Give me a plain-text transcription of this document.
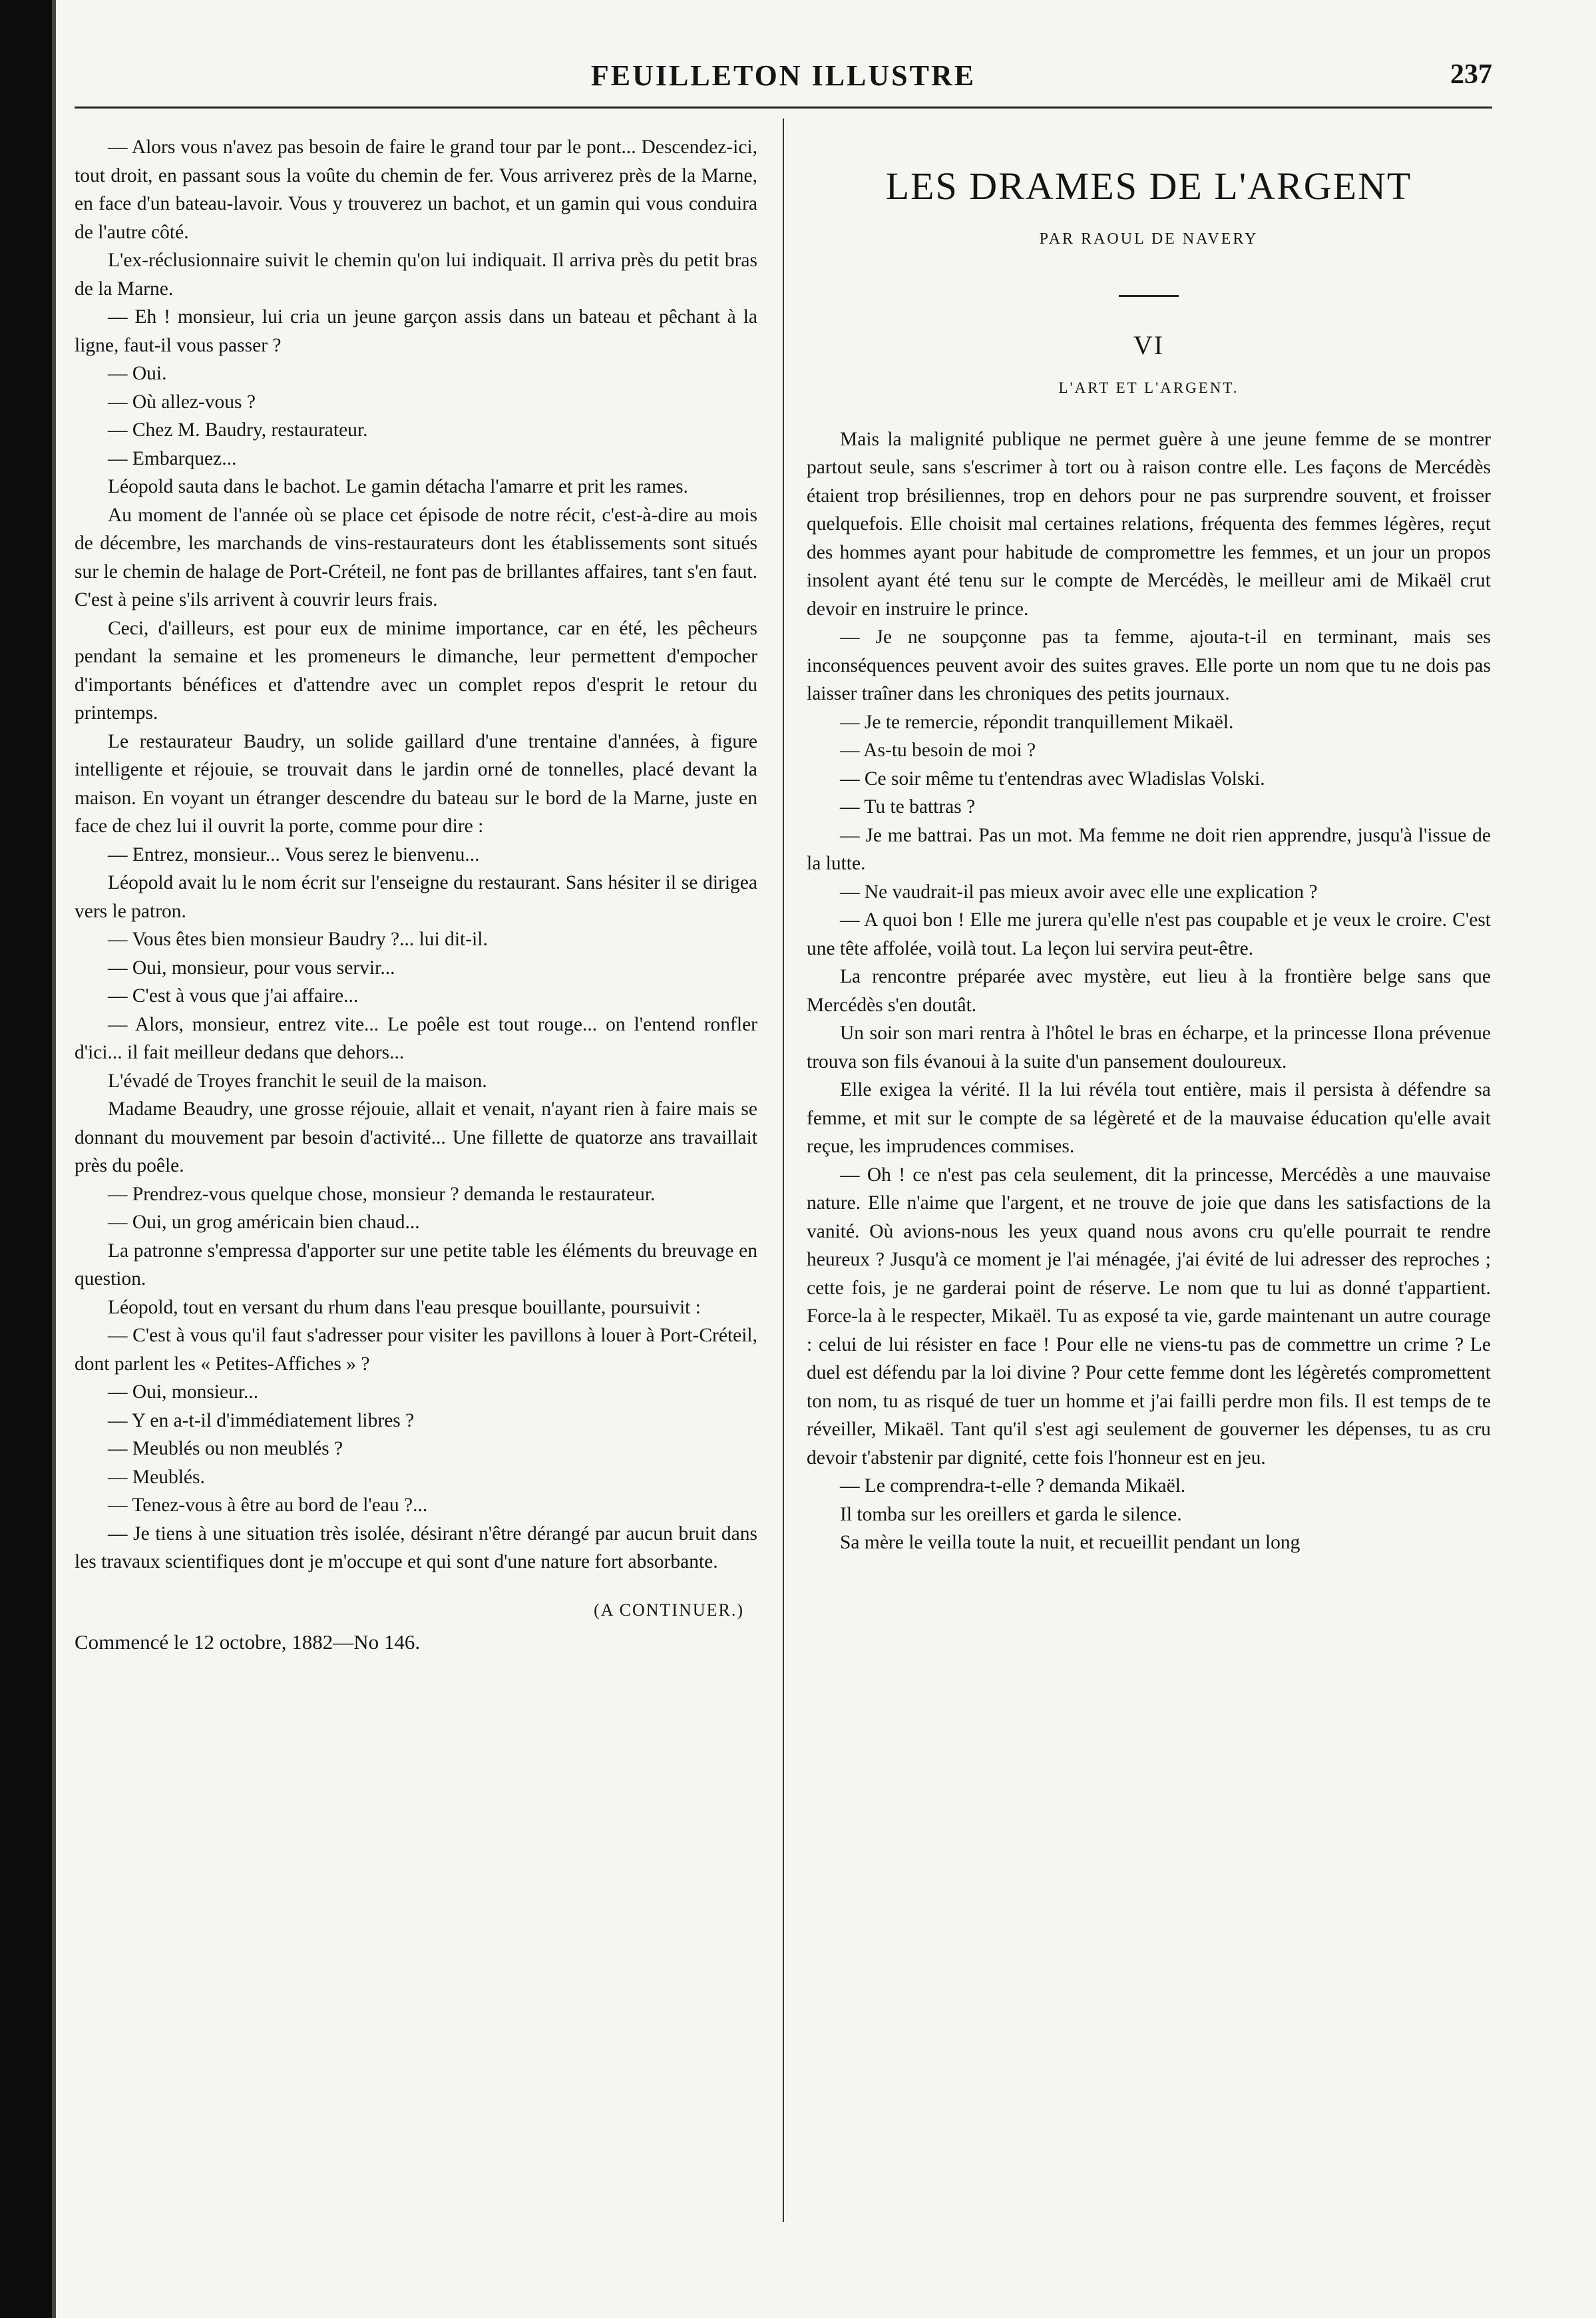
FEUILLETON ILLUSTRE	237

— Alors vous n'avez pas besoin de faire le grand tour par le pont... Descendez-ici, tout droit, en passant sous la voûte du chemin de fer. Vous arriverez près de la Marne, en face d'un bateau-lavoir. Vous y trouverez un bachot, et un gamin qui vous conduira de l'autre côté.

L'ex-réclusionnaire suivit le chemin qu'on lui indiquait. Il arriva près du petit bras de la Marne.

— Eh ! monsieur, lui cria un jeune garçon assis dans un bateau et pêchant à la ligne, faut-il vous passer ?

— Oui.

— Où allez-vous ?

— Chez M. Baudry, restaurateur.

— Embarquez...

Léopold sauta dans le bachot. Le gamin détacha l'amarre et prit les rames.

Au moment de l'année où se place cet épisode de notre récit, c'est-à-dire au mois de décembre, les marchands de vins-restaurateurs dont les établissements sont situés sur le chemin de halage de Port-Créteil, ne font pas de brillantes affaires, tant s'en faut. C'est à peine s'ils arrivent à couvrir leurs frais.

Ceci, d'ailleurs, est pour eux de minime importance, car en été, les pêcheurs pendant la semaine et les promeneurs le dimanche, leur permettent d'empocher d'importants bénéfices et d'attendre avec un complet repos d'esprit le retour du printemps.

Le restaurateur Baudry, un solide gaillard d'une trentaine d'années, à figure intelligente et réjouie, se trouvait dans le jardin orné de tonnelles, placé devant la maison. En voyant un étranger descendre du bateau sur le bord de la Marne, juste en face de chez lui il ouvrit la porte, comme pour dire :

— Entrez, monsieur... Vous serez le bienvenu...

Léopold avait lu le nom écrit sur l'enseigne du restaurant. Sans hésiter il se dirigea vers le patron.

— Vous êtes bien monsieur Baudry ?... lui dit-il.

— Oui, monsieur, pour vous servir...

— C'est à vous que j'ai affaire...

— Alors, monsieur, entrez vite... Le poêle est tout rouge... on l'entend ronfler d'ici... il fait meilleur dedans que dehors...

L'évadé de Troyes franchit le seuil de la maison.

Madame Beaudry, une grosse réjouie, allait et venait, n'ayant rien à faire mais se donnant du mouvement par besoin d'activité... Une fillette de quatorze ans travaillait près du poêle.

— Prendrez-vous quelque chose, monsieur ? demanda le restaurateur.

— Oui, un grog américain bien chaud...

La patronne s'empressa d'apporter sur une petite table les éléments du breuvage en question.

Léopold, tout en versant du rhum dans l'eau presque bouillante, poursuivit :

— C'est à vous qu'il faut s'adresser pour visiter les pavillons à louer à Port-Créteil, dont parlent les « Petites-Affiches » ?

— Oui, monsieur...

— Y en a-t-il d'immédiatement libres ?

— Meublés ou non meublés ?

— Meublés.

— Tenez-vous à être au bord de l'eau ?...

— Je tiens à une situation très isolée, désirant n'être dérangé par aucun bruit dans les travaux scientifiques dont je m'occupe et qui sont d'une nature fort absorbante.

(A CONTINUER.)

Commencé le 12 octobre, 1882—No 146.

LES DRAMES DE L'ARGENT
PAR RAOUL DE NAVERY
VI
L'ART ET L'ARGENT.

Mais la malignité publique ne permet guère à une jeune femme de se montrer partout seule, sans s'escrimer à tort ou à raison contre elle. Les façons de Mercédès étaient trop brésiliennes, trop en dehors pour ne pas surprendre souvent, et froisser quelquefois. Elle choisit mal certaines relations, fréquenta des femmes légères, reçut des hommes ayant pour habitude de compromettre les femmes, et un jour un propos insolent ayant été tenu sur le compte de Mercédès, le meilleur ami de Mikaël crut devoir en instruire le prince.

— Je ne soupçonne pas ta femme, ajouta-t-il en terminant, mais ses inconséquences peuvent avoir des suites graves. Elle porte un nom que tu ne dois pas laisser traîner dans les chroniques des petits journaux.

— Je te remercie, répondit tranquillement Mikaël.

— As-tu besoin de moi ?

— Ce soir même tu t'entendras avec Wladislas Volski.

— Tu te battras ?

— Je me battrai. Pas un mot. Ma femme ne doit rien apprendre, jusqu'à l'issue de la lutte.

— Ne vaudrait-il pas mieux avoir avec elle une explication ?

— A quoi bon ! Elle me jurera qu'elle n'est pas coupable et je veux le croire. C'est une tête affolée, voilà tout. La leçon lui servira peut-être.

La rencontre préparée avec mystère, eut lieu à la frontière belge sans que Mercédès s'en doutât.

Un soir son mari rentra à l'hôtel le bras en écharpe, et la princesse Ilona prévenue trouva son fils évanoui à la suite d'un pansement douloureux.

Elle exigea la vérité. Il la lui révéla tout entière, mais il persista à défendre sa femme, et mit sur le compte de sa légèreté et de la mauvaise éducation qu'elle avait reçue, les imprudences commises.

— Oh ! ce n'est pas cela seulement, dit la princesse, Mercédès a une mauvaise nature. Elle n'aime que l'argent, et ne trouve de joie que dans les satisfactions de la vanité. Où avions-nous les yeux quand nous avons cru qu'elle pourrait te rendre heureux ? Jusqu'à ce moment je l'ai ménagée, j'ai évité de lui adresser des reproches ; cette fois, je ne garderai point de réserve. Le nom que tu lui as donné t'appartient. Force-la à le respecter, Mikaël. Tu as exposé ta vie, garde maintenant un autre courage : celui de lui résister en face ! Pour elle ne viens-tu pas de commettre un crime ? Le duel est défendu par la loi divine ? Pour cette femme dont les légèretés compromettent ton nom, tu as risqué de tuer un homme et j'ai failli perdre mon fils. Il est temps de te réveiller, Mikaël. Tant qu'il s'est agi seulement de gouverner les dépenses, tu as cru devoir t'abstenir par dignité, cette fois l'honneur est en jeu.

— Le comprendra-t-elle ? demanda Mikaël.

Il tomba sur les oreillers et garda le silence.

Sa mère le veilla toute la nuit, et recueillit pendant un long
